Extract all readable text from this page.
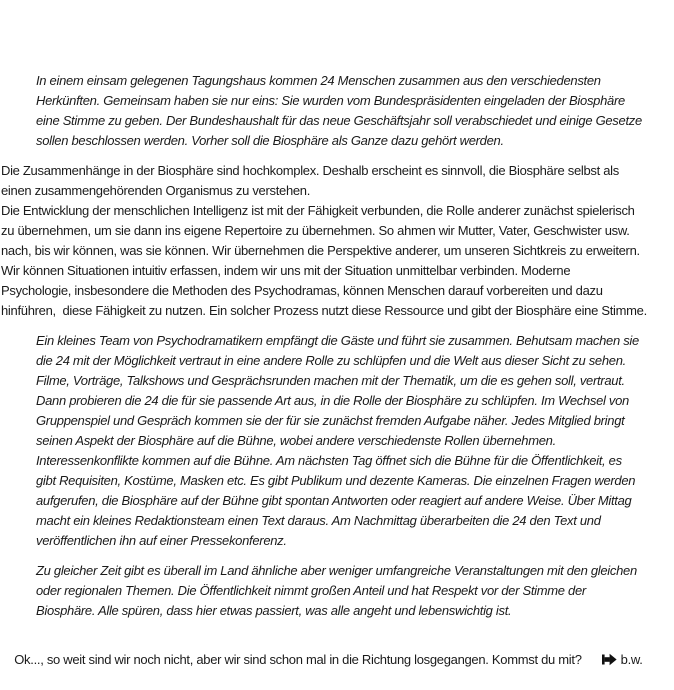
In einem einsam gelegenen Tagungshaus kommen 24 Menschen zusammen aus den verschiedensten
Herkünften. Gemeinsam haben sie nur eins: Sie wurden vom Bundespräsidenten eingeladen der Biosphäre
eine Stimme zu geben. Der Bundeshaushalt für das neue Geschäftsjahr soll verabschiedet und einige Gesetze
sollen beschlossen werden. Vorher soll die Biosphäre als Ganze dazu gehört werden.
Die Zusammenhänge in der Biosphäre sind hochkomplex. Deshalb erscheint es sinnvoll, die Biosphäre selbst als
einen zusammengehörenden Organismus zu verstehen.
Die Entwicklung der menschlichen Intelligenz ist mit der Fähigkeit verbunden, die Rolle anderer zunächst spielerisch
zu übernehmen, um sie dann ins eigene Repertoire zu übernehmen. So ahmen wir Mutter, Vater, Geschwister usw.
nach, bis wir können, was sie können. Wir übernehmen die Perspektive anderer, um unseren Sichtkreis zu erweitern.
Wir können Situationen intuitiv erfassen, indem wir uns mit der Situation unmittelbar verbinden. Moderne
Psychologie, insbesondere die Methoden des Psychodramas, können Menschen darauf vorbereiten und dazu
hinführen,  diese Fähigkeit zu nutzen. Ein solcher Prozess nutzt diese Ressource und gibt der Biosphäre eine Stimme.
Ein kleines Team von Psychodramatikern empfängt die Gäste und führt sie zusammen. Behutsam machen sie
die 24 mit der Möglichkeit vertraut in eine andere Rolle zu schlüpfen und die Welt aus dieser Sicht zu sehen.
Filme, Vorträge, Talkshows und Gesprächsrunden machen mit der Thematik, um die es gehen soll, vertraut.
Dann probieren die 24 die für sie passende Art aus, in die Rolle der Biosphäre zu schlüpfen. Im Wechsel von
Gruppenspiel und Gespräch kommen sie der für sie zunächst fremden Aufgabe näher. Jedes Mitglied bringt
seinen Aspekt der Biosphäre auf die Bühne, wobei andere verschiedenste Rollen übernehmen.
Interessenkonflikte kommen auf die Bühne. Am nächsten Tag öffnet sich die Bühne für die Öffentlichkeit, es
gibt Requisiten, Kostüme, Masken etc. Es gibt Publikum und dezente Kameras. Die einzelnen Fragen werden
aufgerufen, die Biosphäre auf der Bühne gibt spontan Antworten oder reagiert auf andere Weise. Über Mittag
macht ein kleines Redaktionsteam einen Text daraus. Am Nachmittag überarbeiten die 24 den Text und
veröffentlichen ihn auf einer Pressekonferenz.
Zu gleicher Zeit gibt es überall im Land ähnliche aber weniger umfangreiche Veranstaltungen mit den gleichen
oder regionalen Themen. Die Öffentlichkeit nimmt großen Anteil und hat Respekt vor der Stimme der
Biosphäre. Alle spüren, dass hier etwas passiert, was alle angeht und lebenswichtig ist.

Ok..., so weit sind wir noch nicht, aber wir sind schon mal in die Richtung losgegangen. Kommst du mit?	b.w.
